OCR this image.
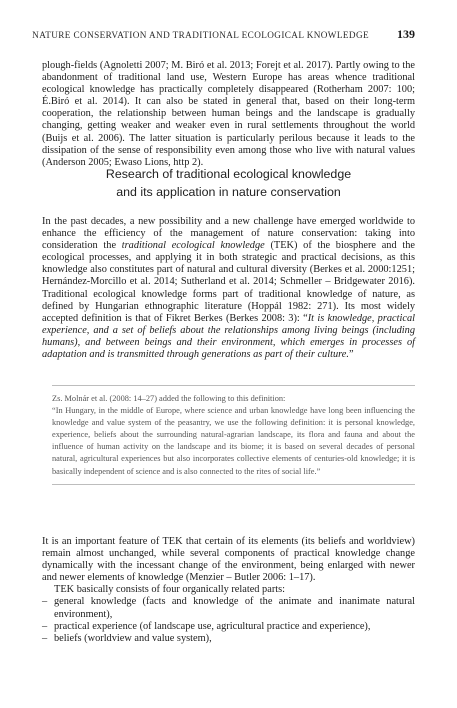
NATURE CONSERVATION AND TRADITIONAL ECOLOGICAL KNOWLEDGE 139

plough-fields (Agnoletti 2007; M. Biró et al. 2013; Forejt et al. 2017). Partly owing to the abandonment of traditional land use, Western Europe has areas whence traditional ecological knowledge has practically completely disappeared (Rotherham 2007: 100; É.Biró et al. 2014). It can also be stated in general that, based on their long-term cooperation, the relationship between human beings and the landscape is gradually changing, getting weaker and weaker even in rural settlements throughout the world (Buijs et al. 2006). The latter situation is particularly perilous because it leads to the dissipation of the sense of responsibility even among those who live with natural values (Anderson 2005; Ewaso Lions, http 2).

Research of traditional ecological knowledge
and its application in nature conservation

In the past decades, a new possibility and a new challenge have emerged worldwide to enhance the efficiency of the management of nature conservation: taking into consideration the traditional ecological knowledge (TEK) of the biosphere and the ecological processes, and applying it in both strategic and practical decisions, as this knowledge also constitutes part of natural and cultural diversity (Berkes et al. 2000:1251; Hernández-Morcillo et al. 2014; Sutherland et al. 2014; Schmeller – Bridgewater 2016). Traditional ecological knowledge forms part of traditional knowledge of nature, as defined by Hungarian ethnographic literature (Hoppál 1982: 271). Its most widely accepted definition is that of Fikret Berkes (Berkes 2008: 3): “It is knowledge, practical experience, and a set of beliefs about the relationships among living beings (including humans), and between beings and their environment, which emerges in processes of adaptation and is transmitted through generations as part of their culture.”

Zs. Molnár et al. (2008: 14–27) added the following to this definition:

“In Hungary, in the middle of Europe, where science and urban knowledge have long been influencing the knowledge and value system of the peasantry, we use the following definition: it is personal knowledge, experience, beliefs about the surrounding natural-agrarian landscape, its flora and fauna and about the influence of human activity on the landscape and its biome; it is based on several decades of personal natural, agricultural experiences but also incorporates collective elements of centuries-old knowledge; it is basically independent of science and is also connected to the rites of social life.”

It is an important feature of TEK that certain of its elements (its beliefs and worldview) remain almost unchanged, while several components of practical knowledge change dynamically with the incessant change of the environment, being enlarged with newer and newer elements of knowledge (Menzier – Butler 2006: 1–17).

TEK basically consists of four organically related parts:

– general knowledge (facts and knowledge of the animate and inanimate natural environment),
– practical experience (of landscape use, agricultural practice and experience),
– beliefs (worldview and value system),
